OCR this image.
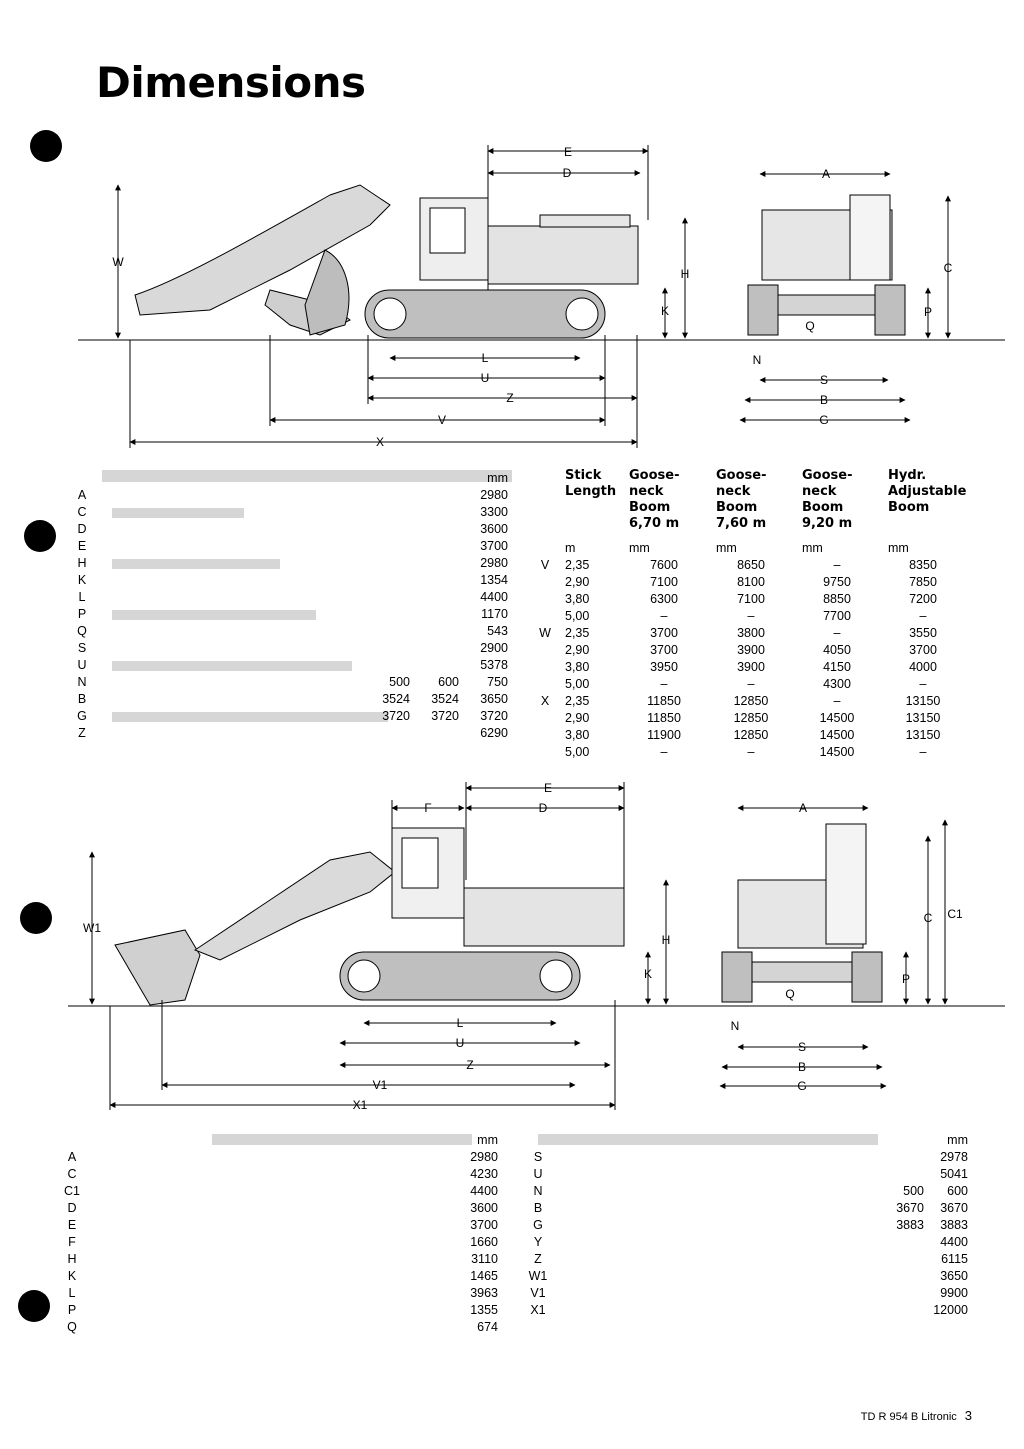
Dimensions
E
D	A
W
H	C
K	P
Q
N
L
S
U
B
Z
G
V
X
mm
A	2980
C	3300
D	3600
E	3700
H	2980
K	1354
L	4400
P	1170
Q	543
S	2900
U	5378
N	500	600	750
B	3524	3524	3650
G	3720	3720	3720
Z	6290
Stick Length
Goose-neck Boom 6,70 m
Goose-neck Boom 7,60 m
Goose-neck Boom 9,20 m
Hydr. Adjustable Boom
m	mm	mm	mm	mm
V	2,35	7600	8650	–	8350
2,90	7100	8100	9750	7850
3,80	6300	7100	8850	7200
5,00	–	–	7700	–
W	2,35	3700	3800	–	3550
2,90	3700	3900	4050	3700
3,80	3950	3900	4150	4000
5,00	–	–	4300	–
X	2,35	11850	12850	–	13150
2,90	11850	12850	14500	13150
3,80	11900	12850	14500	13150
5,00	–	–	14500	–
E
F	D	A
W1
H
C C1
K	P
Q
N
L
S
U
B
Z
G
V1
X1
mm
A	2980
C	4230
C1	4400
D	3600
E	3700
F	1660
H	3110
K	1465
L	3963
P	1355
Q	674
mm
S	2978
U	5041
N	500	600
B	3670	3670
G	3883	3883
Y	4400
Z	6115
W1	3650
V1	9900
X1	12000
TD R 954 B Litronic 3
